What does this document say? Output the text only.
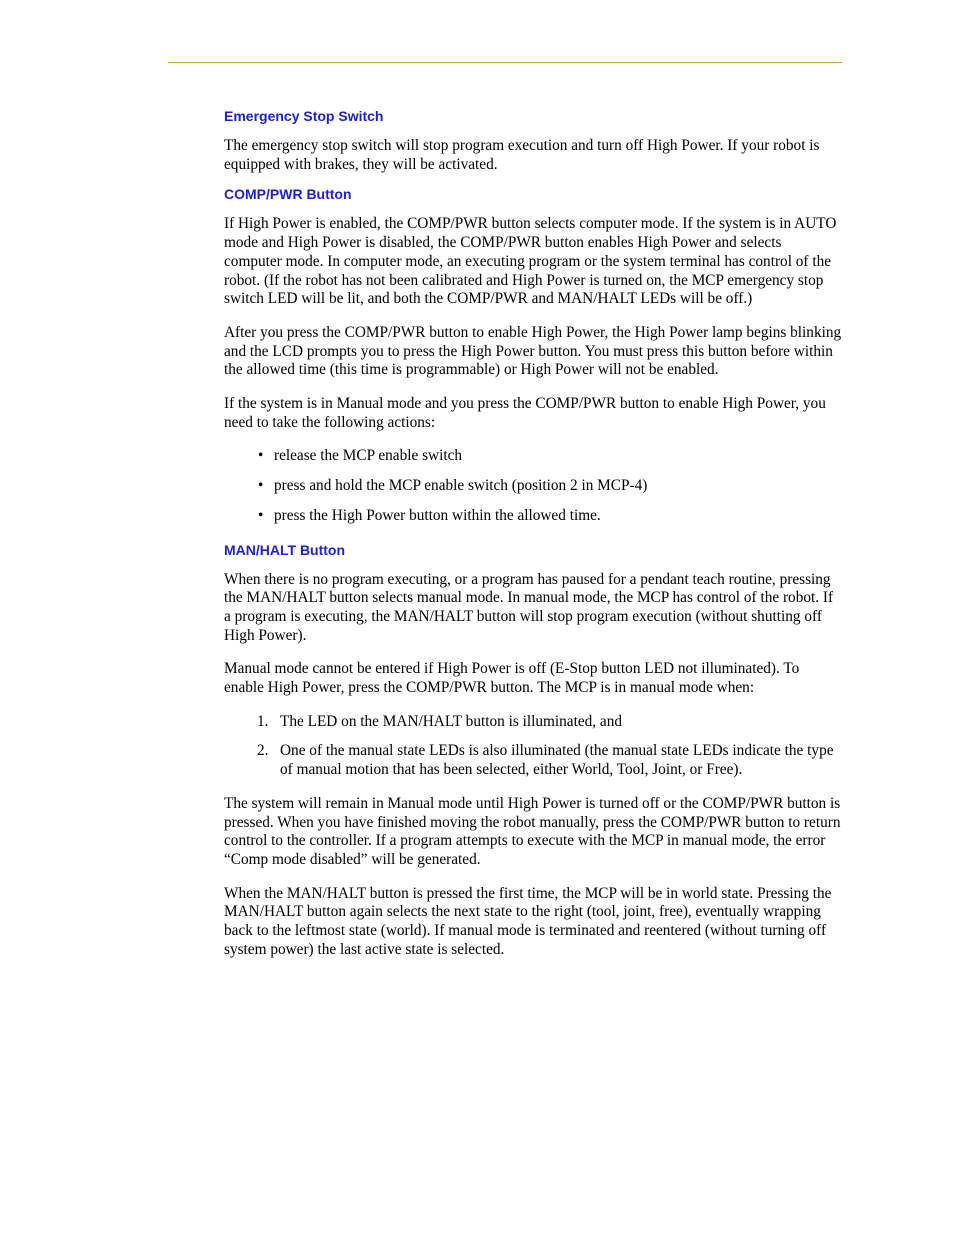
Emergency Stop Switch

The emergency stop switch will stop program execution and turn off High Power. If your robot is equipped with brakes, they will be activated.

COMP/PWR Button

If High Power is enabled, the COMP/PWR button selects computer mode. If the system is in AUTO mode and High Power is disabled, the COMP/PWR button enables High Power and selects computer mode. In computer mode, an executing program or the system terminal has control of the robot. (If the robot has not been calibrated and High Power is turned on, the MCP emergency stop switch LED will be lit, and both the COMP/PWR and MAN/HALT LEDs will be off.)

After you press the COMP/PWR button to enable High Power, the High Power lamp begins blinking and the LCD prompts you to press the High Power button. You must press this button before within the allowed time (this time is programmable) or High Power will not be enabled.

If the system is in Manual mode and you press the COMP/PWR button to enable High Power, you need to take the following actions:

• release the MCP enable switch
• press and hold the MCP enable switch (position 2 in MCP-4)
• press the High Power button within the allowed time.
MAN/HALT Button

When there is no program executing, or a program has paused for a pendant teach routine, pressing the MAN/HALT button selects manual mode. In manual mode, the MCP has control of the robot. If a program is executing, the MAN/HALT button will stop program execution (without shutting off High Power).

Manual mode cannot be entered if High Power is off (E-Stop button LED not illuminated). To enable High Power, press the COMP/PWR button. The MCP is in manual mode when:

1. The LED on the MAN/HALT button is illuminated, and
2. One of the manual state LEDs is also illuminated (the manual state LEDs indicate the type of manual motion that has been selected, either World, Tool, Joint, or Free).

The system will remain in Manual mode until High Power is turned off or the COMP/PWR button is pressed. When you have finished moving the robot manually, press the COMP/PWR button to return control to the controller. If a program attempts to execute with the MCP in manual mode, the error “Comp mode disabled” will be generated.

When the MAN/HALT button is pressed the first time, the MCP will be in world state. Pressing the MAN/HALT button again selects the next state to the right (tool, joint, free), eventually wrapping back to the leftmost state (world). If manual mode is terminated and reentered (without turning off system power) the last active state is selected.
